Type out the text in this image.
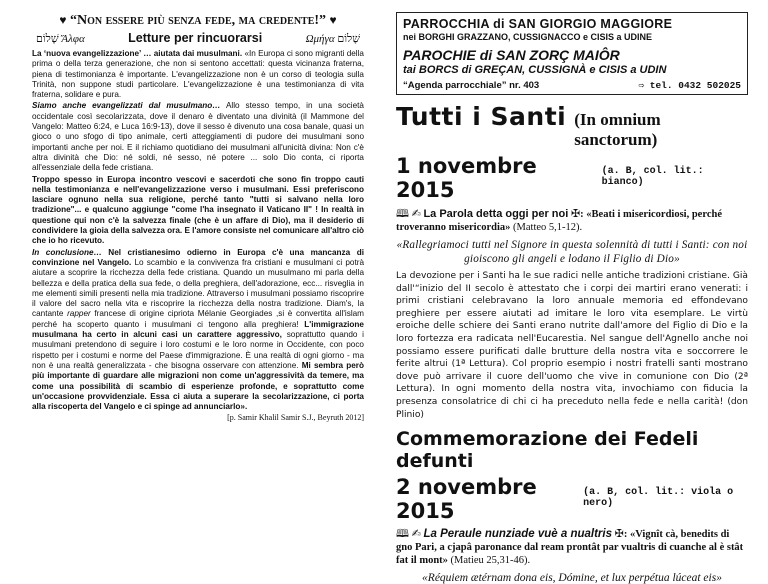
♥ “Non essere più senza fede, ma credente!” ♥
שָׁלוֹם Ἄλφα	Letture per rincuorarsi	Ωμήγα שָׁלוֹם

La ‘nuova evangelizzazione’ … aiutata dai musulmani. «In Europa ci sono migranti della prima o della terza generazione, che non si sentono accettati: questa vicinanza fraterna, piena di testimonianza è importante. L'evangelizzazione non è un corso di teologia sulla Trinità, non suppone studi particolare. L'evangelizzazione è una testimonianza di vita fraterna, solidare e pura.

Siamo anche evangelizzati dal musulmano… Allo stesso tempo, in una società occidentale così secolarizzata, dove il denaro è diventato una divinità (il Mammone del Vangelo: Matteo 6:24, e Luca 16:9-13), dove il sesso è divenuto una cosa banale, quasi un gioco o uno sfogo di tipo animale, certi atteggiamenti di pudore dei musulmani sono importanti anche per noi. E il richiamo quotidiano dei musulmani all'unicità divina: Non c'è altra divinità che Dio: né soldi, né sesso, né potere ... solo Dio conta, ci riporta all'essenziale della fede cristiana.

Troppo spesso in Europa incontro vescovi e sacerdoti che sono fin troppo cauti nella testimonianza e nell'evangelizzazione verso i musulmani. Essi preferiscono lasciare ognuno nella sua religione, perché tanto "tutti si salvano nella loro tradizione"... e qualcuno aggiunge "come l'ha insegnato il Vaticano II" ! In realtà in questione qui non c'è la salvezza finale (che è un affare di Dio), ma il desiderio di condividere la gioia della salvezza ora. E l'amore consiste nel comunicare all'altro ciò che io ho ricevuto.

In conclusione… Nel cristianesimo odierno in Europa c'è una mancanza di convinzione nel Vangelo. Lo scambio e la convivenza fra cristiani e musulmani ci potrà aiutare a scoprire la ricchezza della fede cristiana. Quando un musulmano mi parla della bellezza e della pratica della sua fede, o della preghiera, dell'adorazione, ecc... risveglia in me elementi simili presenti nella mia tradizione. Attraverso i musulmani possiamo riscoprire il valore del sacro nella vita e riscoprire la ricchezza della nostra tradizione. Diam's, la cantante rapper francese di origine cipriota Mélanie Georgiades ,si è convertita all'islam perché ha scoperto quanto i musulmani ci tengono alla preghiera! L'immigrazione musulmana ha certo in alcuni casi un carattere aggressivo, soprattutto quando i musulmani pretendono di seguire i loro costumi e le loro norme in Occidente, con poco rispetto per i costumi e norme del Paese d'immigrazione. È una realtà di ogni giorno - ma non è una realtà generalizzata - che bisogna osservare con attenzione. Mi sembra però più importante di guardare alle migrazioni non come un'aggressività da temere, ma come una possibilità di scambio di esperienze profonde, e soprattutto come un'occasione provvidenziale. Essa ci aiuta a superare la secolarizzazione, ci porta alla riscoperta del Vangelo e ci spinge ad annunciarlo».

[p. Samir Khalil Samir S.J., Beyruth 2012]
PARROCCHIA di SAN GIORGIO MAGGIORE
nei BORGHI GRAZZANO, CUSSIGNACCO e CISIS a UDINE
PAROCHIE di SAN ZORÇ MAIÔR
tai BORCS di GREÇAN, CUSSIGNÀ e CISIS a UDIN
“Agenda parrocchiale” nr. 403	⇨ tel. 0432 502025
Tutti i Santi (In omnium sanctorum)
1 novembre 2015
(a. B, col. lit.: bianco)
🕮 ✍ La Parola detta oggi per noi ✠: «Beati i misericordiosi, perché troveranno misericordia» (Matteo 5,1-12).
«Rallegriamoci tutti nel Signore in questa solennità di tutti i Santi: con noi gioiscono gli angeli e lodano il Figlio di Dio»
La devozione per i Santi ha le sue radici nelle antiche tradizioni cristiane. Già dall'“inizio del II secolo è attestato che i corpi dei martiri erano venerati: i primi cristiani celebravano la loro annuale memoria ed effondevano preghiere per essere aiutati ad imitare le loro vita esemplare. Le virtù eroiche delle schiere dei Santi erano nutrite dall'amore del Figlio di Dio e la loro fortezza era radicata nell'Eucarestia. Nel sangue dell'Agnello anche noi possiamo essere purificati dalle brutture della nostra vita e soccorrere le ferite altrui (1ª Lettura). Col proprio esempio i nostri fratelli santi mostrano dove può arrivare il cuore dell'uomo che vive in comunione con Dio (2ª Lettura). In ogni momento della nostra vita, invochiamo con fiducia la presenza consolatrice di chi ci ha preceduto nella fede e nella carità! (don Plinio)
Commemorazione dei Fedeli defunti
2 novembre 2015
(a. B, col. lit.: viola o nero)
🕮 ✍ La Peraule nunziade vuè a nualtris ✠: «Vignît cà, benedits di gno Pari, a cjapâ paronance dal ream prontât par vualtris di cuanche al è stât fat il mont» (Matieu 25,31-46).
«Réquiem ætérnam dona eis, Dómine, et lux perpétua lúceat eis»
